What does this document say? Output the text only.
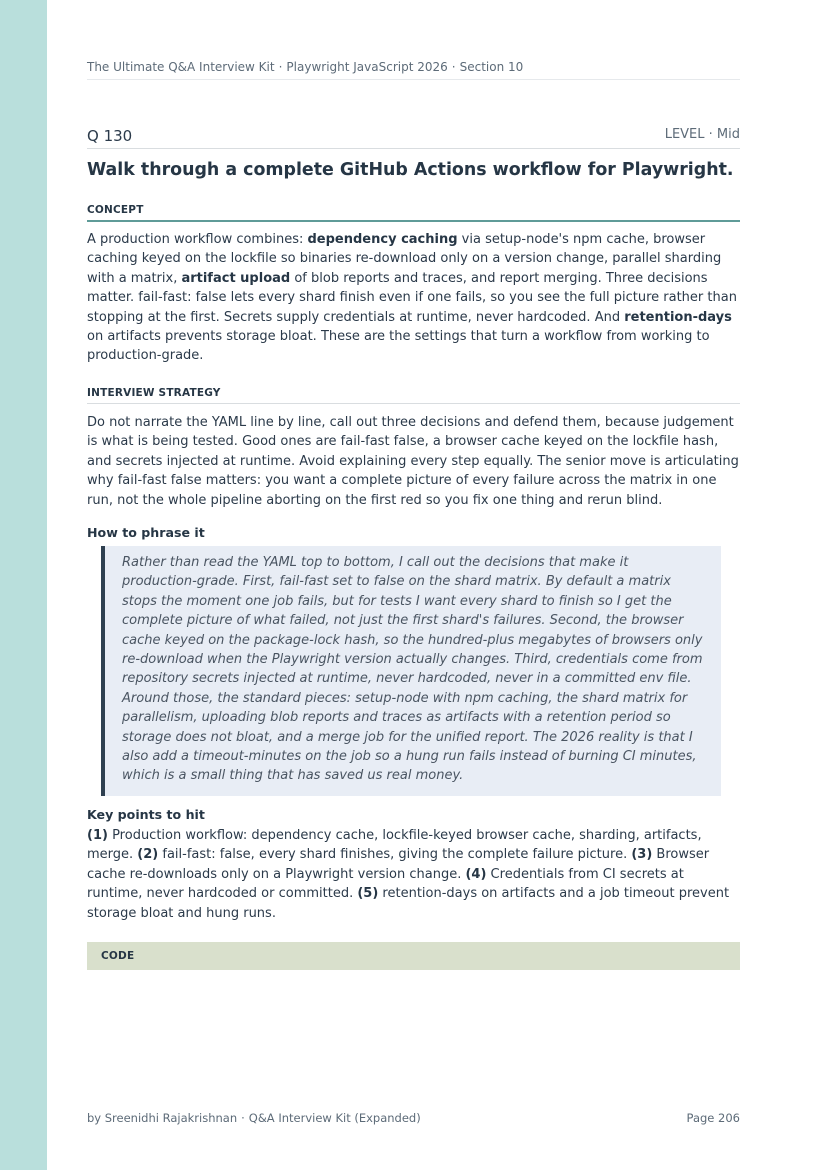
The Ultimate Q&A Interview Kit · Playwright JavaScript 2026 · Section 10
Q 130	LEVEL · Mid
Walk through a complete GitHub Actions workflow for Playwright.
CONCEPT

A production workflow combines: dependency caching via setup-node's npm cache, browser caching keyed on the lockfile so binaries re-download only on a version change, parallel sharding with a matrix, artifact upload of blob reports and traces, and report merging. Three decisions matter. fail-fast: false lets every shard finish even if one fails, so you see the full picture rather than stopping at the first. Secrets supply credentials at runtime, never hardcoded. And retention-days on artifacts prevents storage bloat. These are the settings that turn a workflow from working to production-grade.

INTERVIEW STRATEGY

Do not narrate the YAML line by line, call out three decisions and defend them, because judgement is what is being tested. Good ones are fail-fast false, a browser cache keyed on the lockfile hash, and secrets injected at runtime. Avoid explaining every step equally. The senior move is articulating why fail-fast false matters: you want a complete picture of every failure across the matrix in one run, not the whole pipeline aborting on the first red so you fix one thing and rerun blind.

How to phrase it
Rather than read the YAML top to bottom, I call out the decisions that make it production-grade. First, fail-fast set to false on the shard matrix. By default a matrix stops the moment one job fails, but for tests I want every shard to finish so I get the complete picture of what failed, not just the first shard's failures. Second, the browser cache keyed on the package-lock hash, so the hundred-plus megabytes of browsers only re-download when the Playwright version actually changes. Third, credentials come from repository secrets injected at runtime, never hardcoded, never in a committed env file. Around those, the standard pieces: setup-node with npm caching, the shard matrix for parallelism, uploading blob reports and traces as artifacts with a retention period so storage does not bloat, and a merge job for the unified report. The 2026 reality is that I also add a timeout-minutes on the job so a hung run fails instead of burning CI minutes, which is a small thing that has saved us real money.
Key points to hit

(1) Production workflow: dependency cache, lockfile-keyed browser cache, sharding, artifacts, merge. (2) fail-fast: false, every shard finishes, giving the complete failure picture. (3) Browser cache re-downloads only on a Playwright version change. (4) Credentials from CI secrets at runtime, never hardcoded or committed. (5) retention-days on artifacts and a job timeout prevent storage bloat and hung runs.

CODE
by Sreenidhi Rajakrishnan · Q&A Interview Kit (Expanded)	Page 206
